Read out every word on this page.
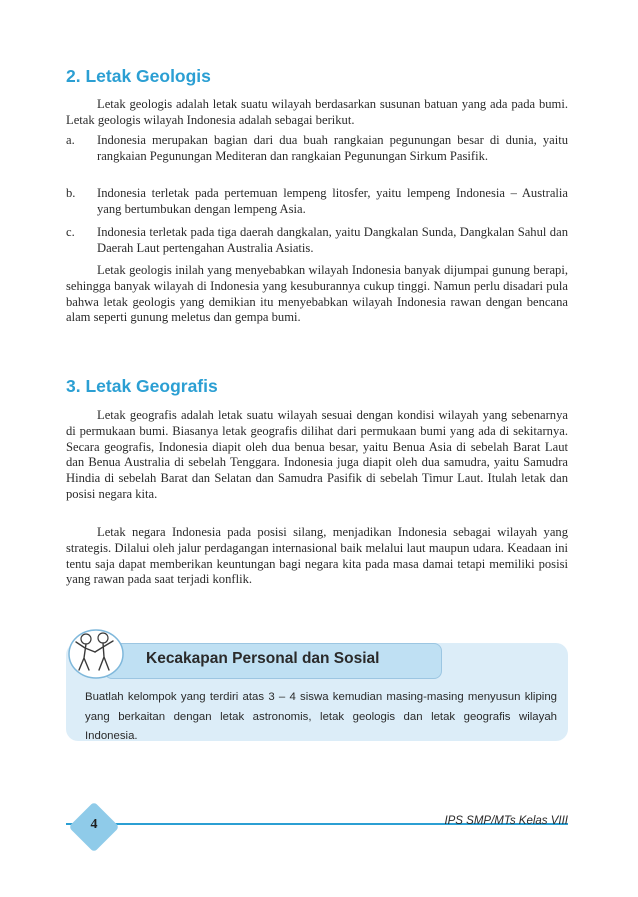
2. Letak Geologis

Letak geologis adalah letak suatu wilayah berdasarkan susunan batuan yang ada pada bumi. Letak geologis wilayah Indonesia adalah sebagai berikut.

a. Indonesia merupakan bagian dari dua buah rangkaian pegunungan besar di dunia, yaitu rangkaian Pegunungan Mediteran dan rangkaian Pegunungan Sirkum Pasifik.
b. Indonesia terletak pada pertemuan lempeng litosfer, yaitu lempeng Indonesia – Australia yang bertumbukan dengan lempeng Asia.
c. Indonesia terletak pada tiga daerah dangkalan, yaitu Dangkalan Sunda, Dangkalan Sahul dan Daerah Laut pertengahan Australia Asiatis.

Letak geologis inilah yang menyebabkan wilayah Indonesia banyak dijumpai gunung berapi, sehingga banyak wilayah di Indonesia yang kesuburannya cukup tinggi. Namun perlu disadari pula bahwa letak geologis yang demikian itu menyebabkan wilayah Indonesia rawan dengan bencana alam seperti gunung meletus dan gempa bumi.

3. Letak Geografis

Letak geografis adalah letak suatu wilayah sesuai dengan kondisi wilayah yang sebenarnya di permukaan bumi. Biasanya letak geografis dilihat dari permukaan bumi yang ada di sekitarnya. Secara geografis, Indonesia diapit oleh dua benua besar, yaitu Benua Asia di sebelah Barat Laut dan Benua Australia di sebelah Tenggara. Indonesia juga diapit oleh dua samudra, yaitu Samudra Hindia di sebelah Barat dan Selatan dan Samudra Pasifik di sebelah Timur Laut. Itulah letak dan posisi negara kita.

Letak negara Indonesia pada posisi silang, menjadikan Indonesia sebagai wilayah yang strategis. Dilalui oleh jalur perdagangan internasional baik melalui laut maupun udara. Keadaan ini tentu saja dapat memberikan keuntungan bagi negara kita pada masa damai tetapi memiliki posisi yang rawan pada saat terjadi konflik.

Kecakapan Personal dan Sosial

Buatlah kelompok yang terdiri atas 3 – 4 siswa kemudian masing-masing menyusun kliping yang berkaitan dengan letak astronomis, letak geologis dan letak geografis wilayah Indonesia.

4	IPS SMP/MTs Kelas VIII
